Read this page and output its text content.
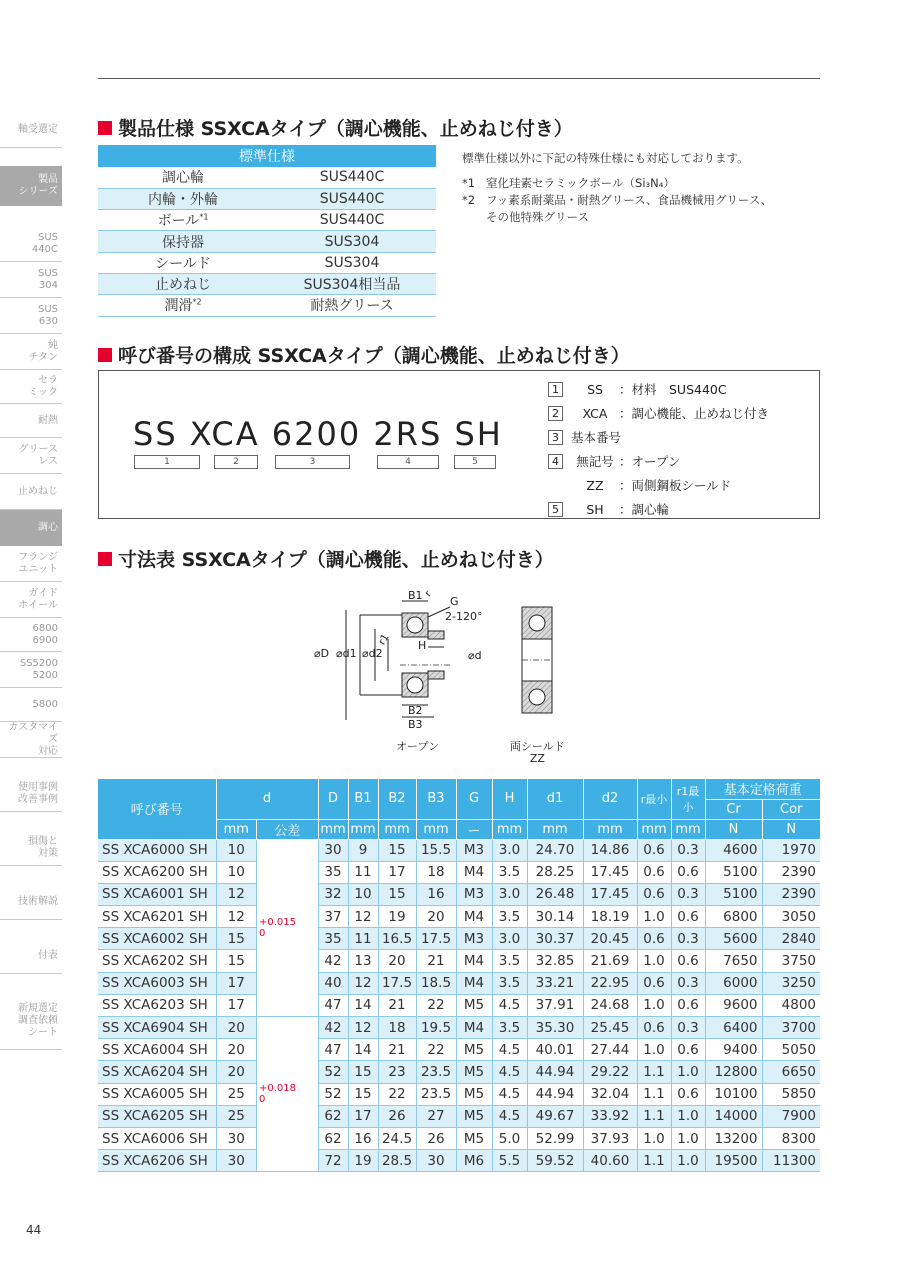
軸受選定
製品
シリーズ
SUS
440C
SUS
304
SUS
630
純
チタン
セラ
ミック
耐熱
グリース
レス
止めねじ
調心
フランジ
ユニット
ガイド
ホイール
6800
6900
SS5200
5200
5800
カスタマイズ
対応
使用事例
改善事例
損傷と
対策
技術解説
付表
新規選定
調査依頼
シート
44
製品仕様 SSXCAタイプ（調心機能、止めねじ付き）
標準仕様	
調心輪	SUS440C
内輪・外輪	SUS440C
ボール$^{*1}$	SUS440C
保持器	SUS304
シールド	SUS304
止めねじ	SUS304相当品
潤滑$^{*2}$	耐熱グリース
標準仕様以外に下記の特殊仕様にも対応しております。
*1 窒化珪素セラミックボール（Si₃N₄）
*2 フッ素系耐薬品・耐熱グリース、食品機械用グリース、
その他特殊グリース
呼び番号の構成 SSXCAタイプ（調心機能、止めねじ付き）
SS XCA 6200 2RS SH
1	2	3	4	5
1	SS	：材料　SUS440C
2	XCA ：調心機能、止めねじ付き
3 基本番号
4	無記号 ：オープン
ZZ	：両側鋼板シールド
5	SH	：調心輪
寸法表 SSXCAタイプ（調心機能、止めねじ付き）
B1 G
2-120°
H
⌀D ⌀d1 ⌀d2	⌀d
r1
r
B2
B3
オープン	両シールド
ZZ
呼び番号	d		D	B1	B2	B3	G	H	d1	d2	r最小	r1最小	基本定格荷重	
													Cr	Cor
	mm	公差	mm	mm	mm	mm	ー	mm	mm	mm	mm	mm	N	N
SS XCA6000 SH	10	+0.015
0	30	9	15	15.5	M3	3.0	24.70	14.86	0.6	0.3	4600	1970
SS XCA6200 SH	10		35	11	17	18	M4	3.5	28.25	17.45	0.6	0.6	5100	2390
SS XCA6001 SH	12		32	10	15	16	M3	3.0	26.48	17.45	0.6	0.3	5100	2390
SS XCA6201 SH	12		37	12	19	20	M4	3.5	30.14	18.19	1.0	0.6	6800	3050
SS XCA6002 SH	15		35	11	16.5	17.5	M3	3.0	30.37	20.45	0.6	0.3	5600	2840
SS XCA6202 SH	15		42	13	20	21	M4	3.5	32.85	21.69	1.0	0.6	7650	3750
SS XCA6003 SH	17		40	12	17.5	18.5	M4	3.5	33.21	22.95	0.6	0.3	6000	3250
SS XCA6203 SH	17		47	14	21	22	M5	4.5	37.91	24.68	1.0	0.6	9600	4800
SS XCA6904 SH	20	+0.018
0	42	12	18	19.5	M4	3.5	35.30	25.45	0.6	0.3	6400	3700
SS XCA6004 SH	20		47	14	21	22	M5	4.5	40.01	27.44	1.0	0.6	9400	5050
SS XCA6204 SH	20		52	15	23	23.5	M5	4.5	44.94	29.22	1.1	1.0	12800	6650
SS XCA6005 SH	25		52	15	22	23.5	M5	4.5	44.94	32.04	1.1	0.6	10100	5850
SS XCA6205 SH	25		62	17	26	27	M5	4.5	49.67	33.92	1.1	1.0	14000	7900
SS XCA6006 SH	30		62	16	24.5	26	M5	5.0	52.99	37.93	1.0	1.0	13200	8300
SS XCA6206 SH	30		72	19	28.5	30	M6	5.5	59.52	40.60	1.1	1.0	19500	11300
